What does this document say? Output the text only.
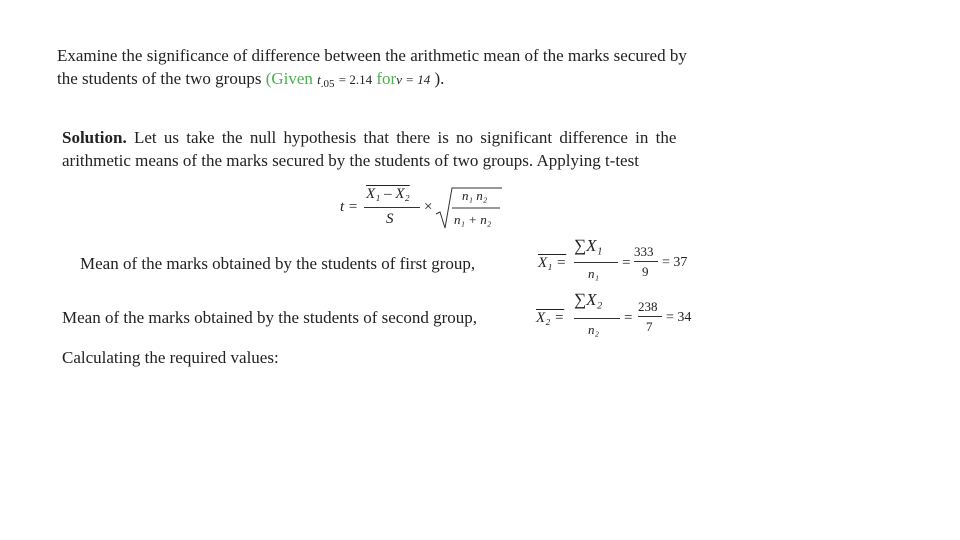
Examine the significance of difference between the arithmetic mean of the marks secured by
the students of the two groups (Given $t_{.05} = 2.14$ forν = 14 ).
Solution. Let us take the null hypothesis that there is no significant difference in the
arithmetic means of the marks secured by the students of two groups. Applying t-test
t =
X₁ – X₂
S
×
n₁ n₂
n₁ + n₂
Mean of the marks obtained by the students of first group,	X₁ =
∑X₁
n₁
=
333
9
= 37
Mean of the marks obtained by the students of second group,	X₂ =
∑X₂
n₂
=
238
7
= 34
Calculating the required values:
